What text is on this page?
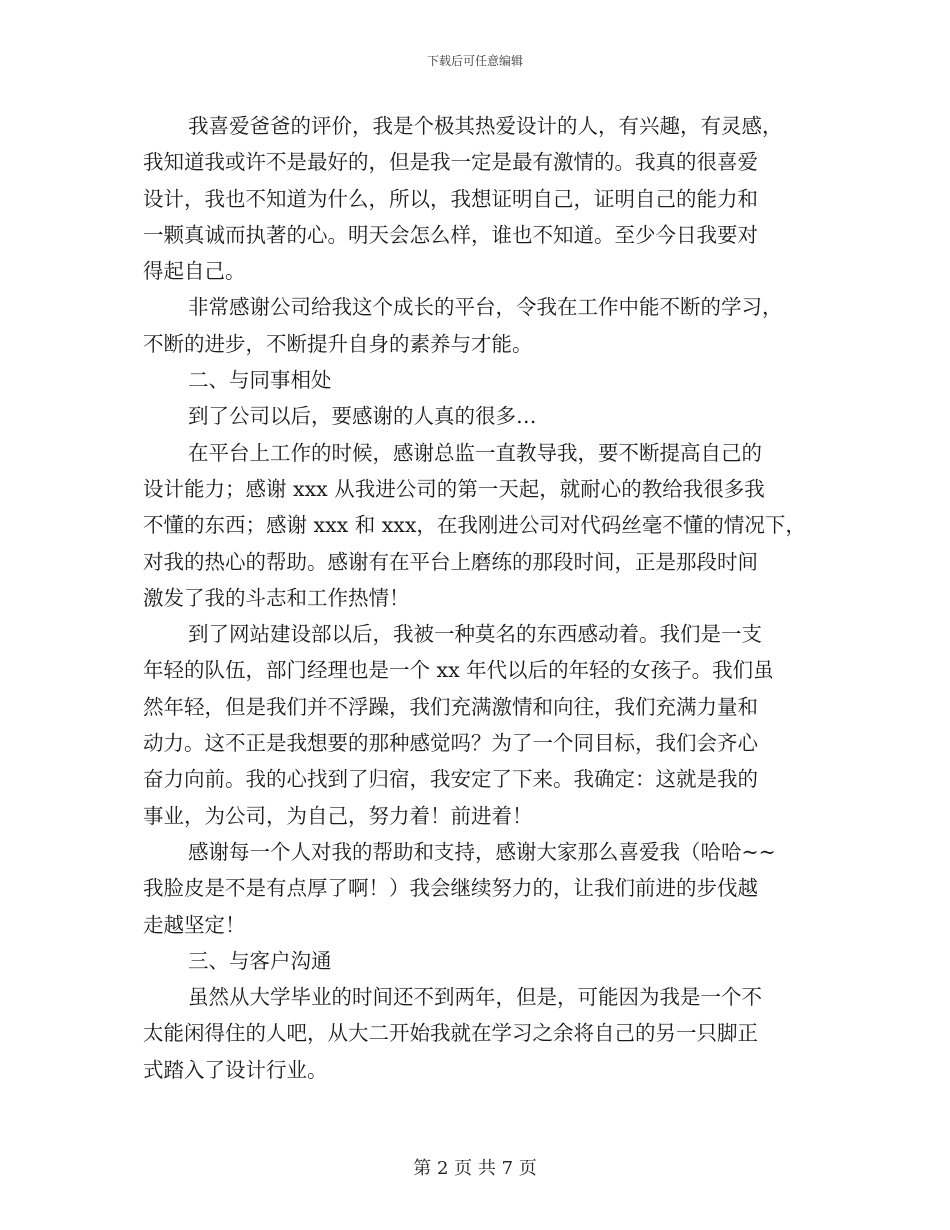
下载后可任意编辑
我喜爱爸爸的评价，我是个极其热爱设计的人，有兴趣，有灵感，
我知道我或许不是最好的，但是我一定是最有激情的。我真的很喜爱
设计，我也不知道为什么，所以，我想证明自己，证明自己的能力和
一颗真诚而执著的心。明天会怎么样，谁也不知道。至少今日我要对
得起自己。
非常感谢公司给我这个成长的平台，令我在工作中能不断的学习，
不断的进步，不断提升自身的素养与才能。
二、与同事相处
到了公司以后，要感谢的人真的很多…
在平台上工作的时候，感谢总监一直教导我，要不断提高自己的
设计能力；感谢 xxx 从我进公司的第一天起，就耐心的教给我很多我
不懂的东西；感谢 xxx 和 xxx，在我刚进公司对代码丝毫不懂的情况下，
对我的热心的帮助。感谢有在平台上磨练的那段时间，正是那段时间
激发了我的斗志和工作热情！
到了网站建设部以后，我被一种莫名的东西感动着。我们是一支
年轻的队伍，部门经理也是一个 xx 年代以后的年轻的女孩子。我们虽
然年轻，但是我们并不浮躁，我们充满激情和向往，我们充满力量和
动力。这不正是我想要的那种感觉吗？为了一个同目标，我们会齐心
奋力向前。我的心找到了归宿，我安定了下来。我确定：这就是我的
事业，为公司，为自己，努力着！前进着！
感谢每一个人对我的帮助和支持，感谢大家那么喜爱我（哈哈~~
我脸皮是不是有点厚了啊！）我会继续努力的，让我们前进的步伐越
走越坚定！
三、与客户沟通
虽然从大学毕业的时间还不到两年，但是，可能因为我是一个不
太能闲得住的人吧，从大二开始我就在学习之余将自己的另一只脚正
式踏入了设计行业。
第 2 页 共 7 页
